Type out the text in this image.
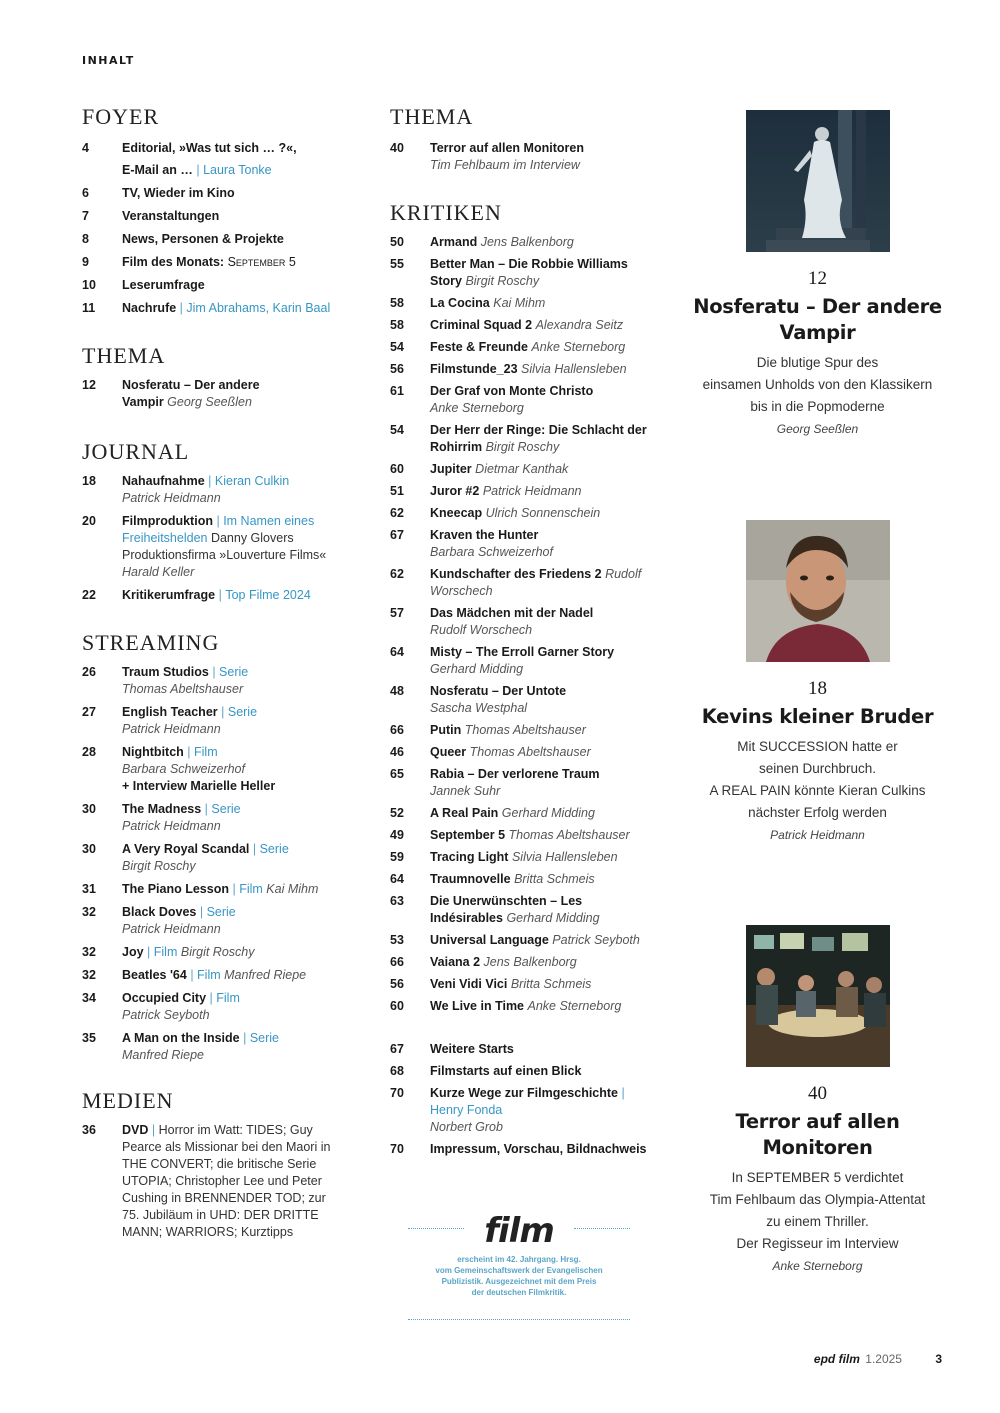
INHALT
FOYER
4	Editorial, »Was tut sich … ?«,
E-Mail an … | Laura Tonke
6	TV, Wieder im Kino
7	Veranstaltungen
8	News, Personen & Projekte
9	Film des Monats: September 5
10	Leserumfrage
11	Nachrufe | Jim Abrahams, Karin Baal
THEMA
12	Nosferatu – Der andere Vampir Georg Seeßlen
JOURNAL
18	Nahaufnahme | Kieran Culkin
Patrick Heidmann
20	Filmproduktion | Im Namen eines Freiheitshelden Danny Glovers Produktionsfirma »Louverture Films« Harald Keller
22	Kritikerumfrage | Top Filme 2024
STREAMING
26	Traum Studios | Serie
Thomas Abeltshauser
27	English Teacher | Serie
Patrick Heidmann
28	Nightbitch | Film
Barbara Schweizerhof
+ Interview Marielle Heller
30	The Madness | Serie
Patrick Heidmann
30	A Very Royal Scandal | Serie
Birgit Roschy
31	The Piano Lesson | Film Kai Mihm
32	Black Doves | Serie
Patrick Heidmann
32	Joy | Film Birgit Roschy
32	Beatles '64 | Film Manfred Riepe
34	Occupied City | Film
Patrick Seyboth
35	A Man on the Inside | Serie
Manfred Riepe
MEDIEN
36	DVD | Horror im Watt: TIDES; Guy Pearce als Missionar bei den Maori in THE CONVERT; die britische Serie UTOPIA; Christopher Lee und Peter Cushing in BRENNENDER TOD; zur 75. Jubiläum in UHD: DER DRITTE MANN; WARRIORS; Kurztipps
THEMA
40	Terror auf allen Monitoren
Tim Fehlbaum im Interview
KRITIKEN
50	Armand Jens Balkenborg
55	Better Man – Die Robbie Williams Story Birgit Roschy
58	La Cocina Kai Mihm
58	Criminal Squad 2 Alexandra Seitz
54	Feste & Freunde Anke Sterneborg
56	Filmstunde_23 Silvia Hallensleben
61	Der Graf von Monte Christo
Anke Sterneborg
54	Der Herr der Ringe: Die Schlacht der Rohirrim Birgit Roschy
60	Jupiter Dietmar Kanthak
51	Juror #2 Patrick Heidmann
62	Kneecap Ulrich Sonnenschein
67	Kraven the Hunter
Barbara Schweizerhof
62	Kundschafter des Friedens 2 Rudolf Worschech
57	Das Mädchen mit der Nadel
Rudolf Worschech
64	Misty – The Erroll Garner Story
Gerhard Midding
48	Nosferatu – Der Untote
Sascha Westphal
66	Putin Thomas Abeltshauser
46	Queer Thomas Abeltshauser
65	Rabia – Der verlorene Traum
Jannek Suhr
52	A Real Pain Gerhard Midding
49	September 5 Thomas Abeltshauser
59	Tracing Light Silvia Hallensleben
64	Traumnovelle Britta Schmeis
63	Die Unerwünschten – Les Indésirables Gerhard Midding
53	Universal Language Patrick Seyboth
66	Vaiana 2 Jens Balkenborg
56	Veni Vidi Vici Britta Schmeis
60	We Live in Time Anke Sterneborg
67	Weitere Starts
68	Filmstarts auf einen Blick
70	Kurze Wege zur Filmgeschichte | Henry Fonda
Norbert Grob
70	Impressum, Vorschau, Bildnachweis
12
Nosferatu – Der andere Vampir
Die blutige Spur des
einsamen Unholds von den Klassikern
bis in die Popmoderne
Georg Seeßlen
18
Kevins kleiner Bruder
Mit SUCCESSION hatte er
seinen Durchbruch.
A REAL PAIN könnte Kieran Culkins
nächster Erfolg werden
Patrick Heidmann
40
Terror auf allen Monitoren
In SEPTEMBER 5 verdichtet
Tim Fehlbaum das Olympia-Attentat
zu einem Thriller.
Der Regisseur im Interview
Anke Sterneborg
film
erscheint im 42. Jahrgang. Hrsg.
vom Gemeinschaftswerk der Evangelischen
Publizistik. Ausgezeichnet mit dem Preis
der deutschen Filmkritik.
epd film 1.2025	3
